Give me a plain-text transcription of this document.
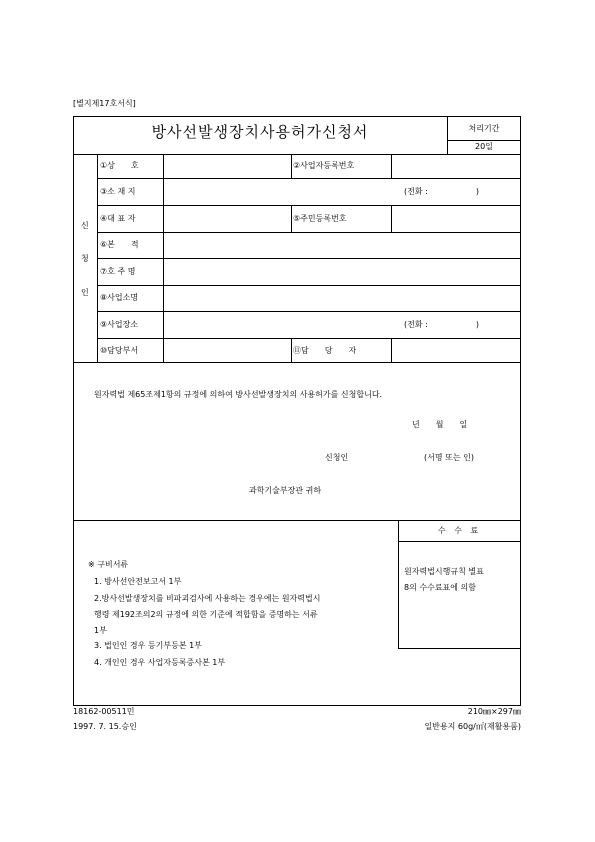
[별지제17호서식]
방사선발생장치사용허가신청서	처리기간
20일
신
청
인
①상　　호	②사업자등록번호
③소 재 지	(전화 :　　　　　　)
④대 표 자	⑤주민등록번호
⑥본　　적
⑦호 주 명
⑧사업소명
⑨사업장소	(전화 :　　　　　　)
⑩담당부서	⑪담　　당　　자
원자력법 제65조제1항의 규정에 의하여 방사선발생장치의 사용허가를 신청합니다.
년　　월　　일
신청인	(서명 또는 인)
과학기술부장관 귀하
수 수 료
원자력법시행규칙 별표
8의 수수료표에 의함
※ 구비서류
1. 방사선안전보고서 1부
2.방사선발생장치를 비파괴검사에 사용하는 경우에는 원자력법시
행령 제192조의2의 규정에 의한 기준에 적합함을 증명하는 서류
1부
3. 법인인 경우 등기부등본 1부
4. 개인인 경우 사업자등록증사본 1부
18162-00511민
1997. 7. 15.승인
210㎜×297㎜
일반용지 60g/㎡(재활용품)
